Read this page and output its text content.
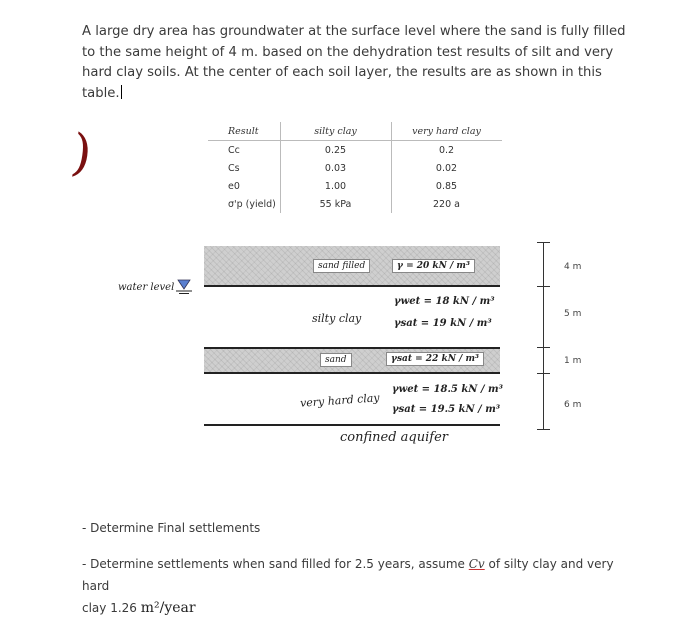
A large dry area has groundwater at the surface level where the sand is fully filled to the same height of 4 m. based on the dehydration test results of silt and very hard clay soils. At the center of each soil layer, the results are as shown in this table.
)	Result	silty clay	very hard clay
Cc	0.25	0.2
Cs	0.03	0.02
e0	1.00	0.85
σ'p (yield)	55 kPa	220 a
water level
sand filled	γ = 20 kN / m³
silty clay
γwet = 18 kN / m³
γsat = 19 kN / m³
sand	γsat = 22 kN / m³
very hard clay
γwet = 18.5 kN / m³
γsat = 19.5 kN / m³
confined aquifer
4 m
5 m
1 m
6 m
- Determine Final settlements
- Determine settlements when sand filled for 2.5 years, assume Cv of silty clay and very hard
clay 1.26 m²/year
